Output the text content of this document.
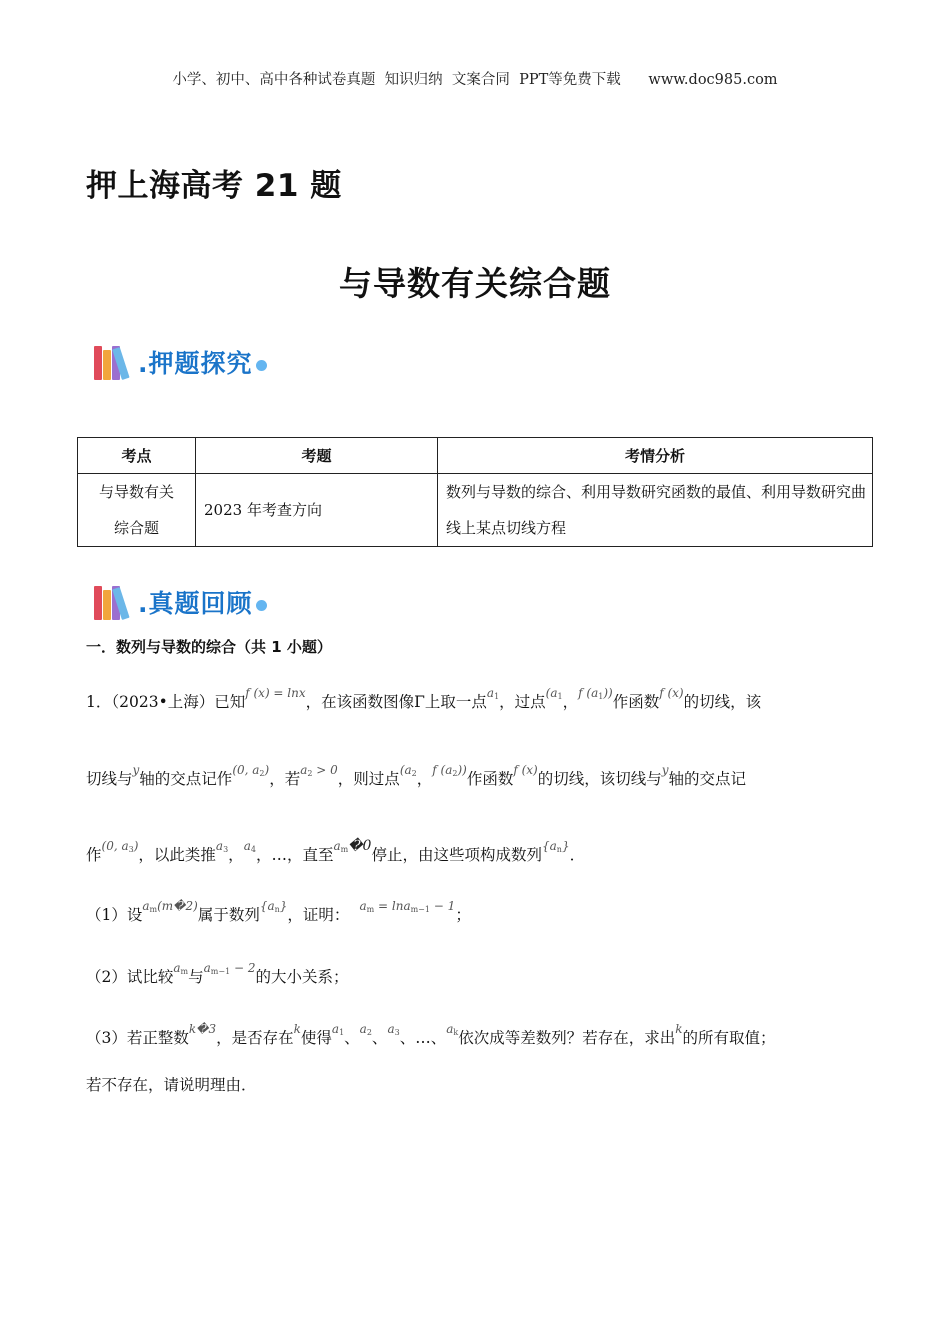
小学、初中、高中各种试卷真题  知识归纳  文案合同  PPT等免费下载      www.doc985.com
押上海高考 21 题
与导数有关综合题
.押题探究
考点	考题	考情分析
与导数有关综合题	2023 年考查方向	数列与导数的综合、利用导数研究函数的最值、利用导数研究曲线上某点切线方程
.真题回顾
一．数列与导数的综合（共 1 小题）
1．（2023•上海）已知$^{f (x) = lnx}$，在该函数图像Γ上取一点$^{a_1}$，过点$^{(a_1}$，$^{f (a_1))}$作函数$^{f (x)}$的切线，该
切线与$^y$轴的交点记作$^{(0, a_2)}$，若$^{a_2 > 0}$，则过点$^{(a_2}$，$^{f (a_2))}$作函数$^{f (x)}$的切线，该切线与$^y$轴的交点记
作$^{(0, a_3)}$，以此类推$^{a_3}$，$^{a_4}$，…，直至$^{a_m�0}$停止，由这些项构成数列$^{\{a_n\}}$．
（1）设$^{a_m(m�2)}$属于数列$^{\{a_n\}}$，证明： $^{a_m = lna_{m-1} - 1}$；
（2）试比较$^{a_m}$与$^{a_{m-1} - 2}$的大小关系；
（3）若正整数$^{k�3}$，是否存在$^k$使得$^{a_1}$、$^{a_2}$、$^{a_3}$、…、$^{a_k}$依次成等差数列？若存在，求出$^k$的所有取值；
若不存在，请说明理由．
